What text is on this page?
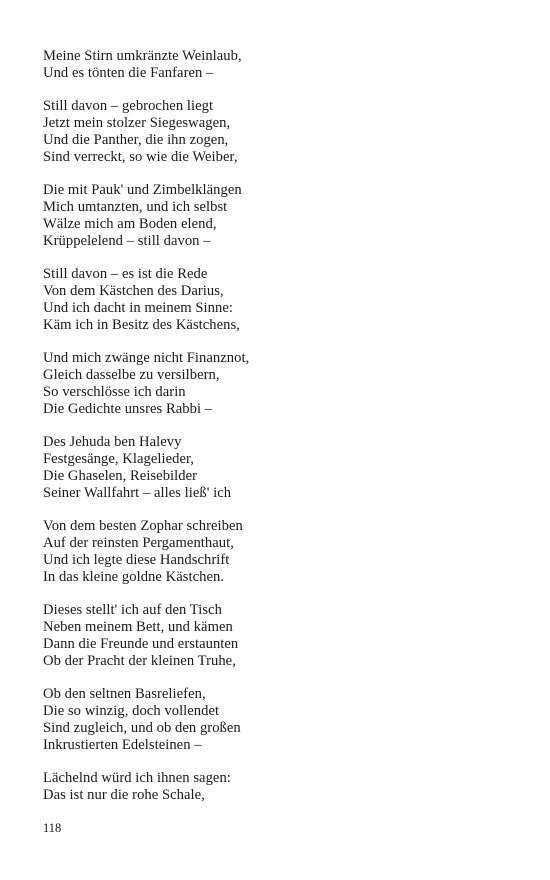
Meine Stirn umkränzte Weinlaub,
Und es tönten die Fanfaren –
Still davon – gebrochen liegt
Jetzt mein stolzer Siegeswagen,
Und die Panther, die ihn zogen,
Sind verreckt, so wie die Weiber,
Die mit Pauk' und Zimbelklängen
Mich umtanzten, und ich selbst
Wälze mich am Boden elend,
Krüppelelend – still davon –
Still davon – es ist die Rede
Von dem Kästchen des Darius,
Und ich dacht in meinem Sinne:
Käm ich in Besitz des Kästchens,
Und mich zwänge nicht Finanznot,
Gleich dasselbe zu versilbern,
So verschlösse ich darin
Die Gedichte unsres Rabbi –
Des Jehuda ben Halevy
Festgesänge, Klagelieder,
Die Ghaselen, Reisebilder
Seiner Wallfahrt – alles ließ' ich
Von dem besten Zophar schreiben
Auf der reinsten Pergamenthaut,
Und ich legte diese Handschrift
In das kleine goldne Kästchen.
Dieses stellt' ich auf den Tisch
Neben meinem Bett, und kämen
Dann die Freunde und erstaunten
Ob der Pracht der kleinen Truhe,
Ob den seltnen Basreliefen,
Die so winzig, doch vollendet
Sind zugleich, und ob den großen
Inkrustierten Edelsteinen –
Lächelnd würd ich ihnen sagen:
Das ist nur die rohe Schale,
118
